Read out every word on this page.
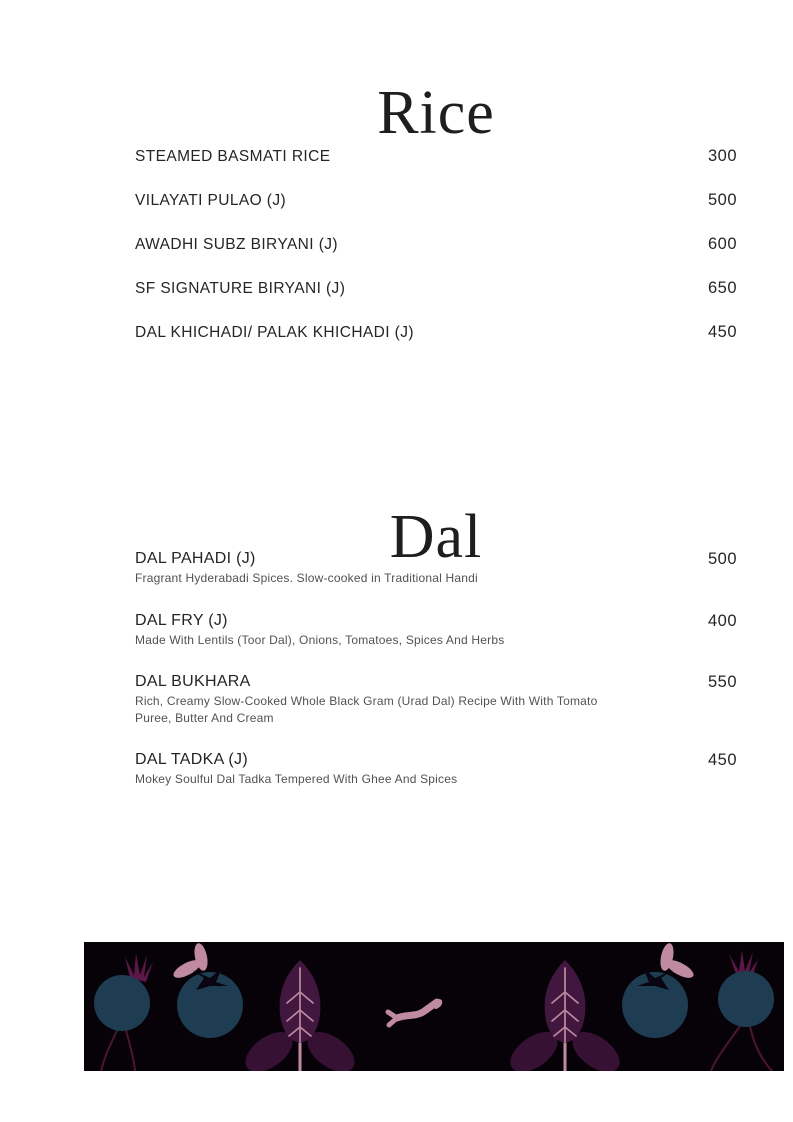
Rice
STEAMED BASMATI RICE	300
VILAYATI PULAO (J)	500
AWADHI SUBZ BIRYANI (J)	600
SF SIGNATURE BIRYANI (J)	650
DAL KHICHADI/ PALAK KHICHADI (J)	450
Dal
DAL PAHADI (J)	500
Fragrant Hyderabadi Spices. Slow-cooked in Traditional Handi
DAL FRY (J)	400
Made With Lentils (Toor Dal), Onions, Tomatoes, Spices And Herbs
DAL BUKHARA	550
Rich, Creamy Slow-Cooked Whole Black Gram (Urad Dal) Recipe With With Tomato Puree, Butter And Cream
DAL TADKA (J)	450
Mokey Soulful Dal Tadka Tempered With Ghee And Spices
